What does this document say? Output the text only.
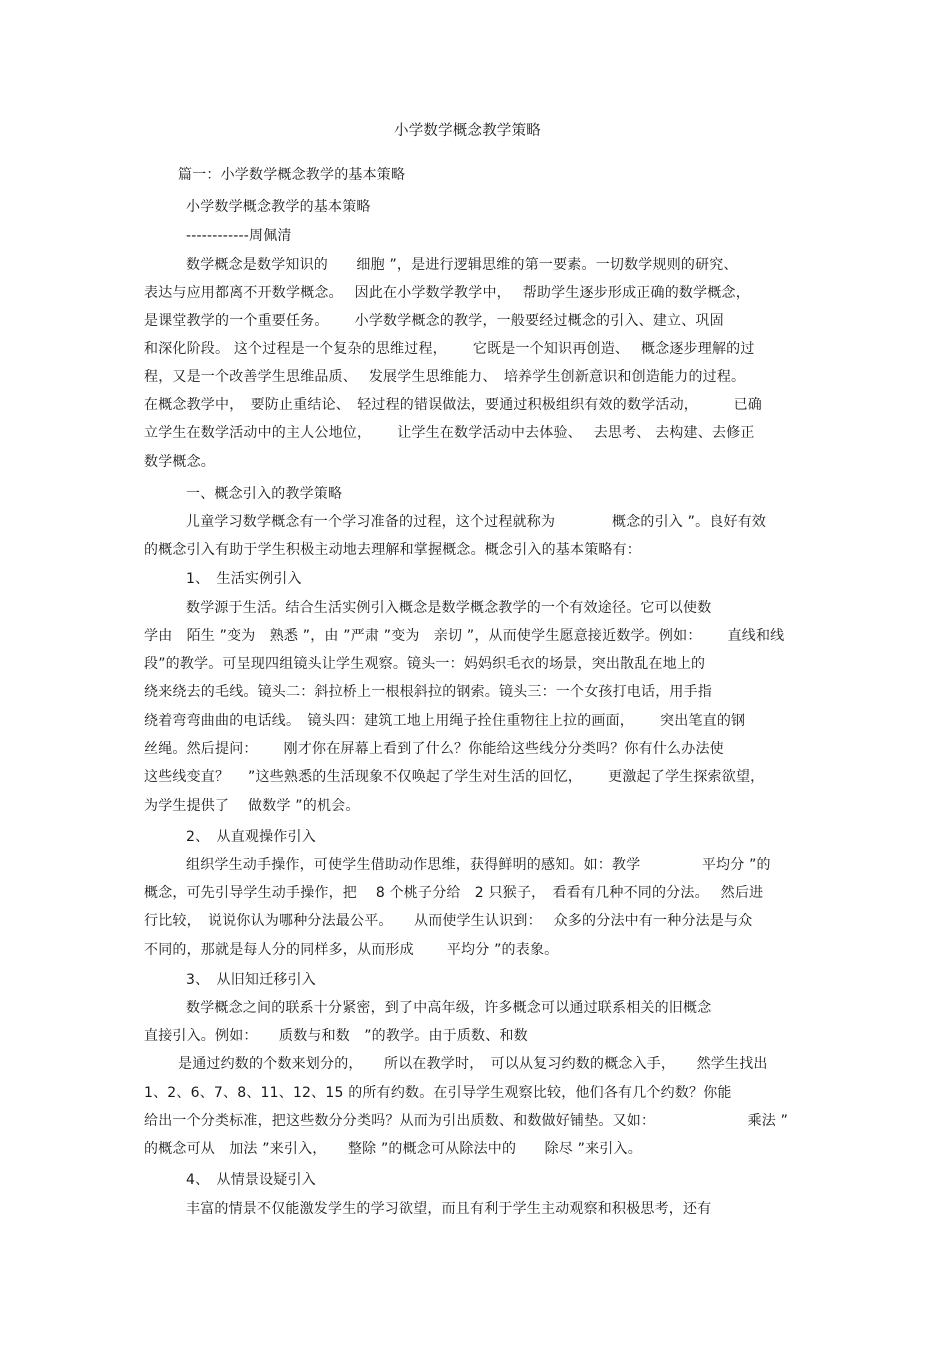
小学数学概念教学策略
篇一：小学数学概念教学的基本策略
小学数学概念教学的基本策略
------------周佩清
数学概念是数学知识的　　细胞 ”，是进行逻辑思维的第一要素。一切数学规则的研究、
表达与应用都离不开数学概念。　 因此在小学数学教学中，　 帮助学生逐步形成正确的数学概念，
是课堂教学的一个重要任务。　　 小学数学概念的教学，一般要经过概念的引入、建立、巩固
和深化阶段。 这个过程是一个复杂的思维过程，　　 它既是一个知识再创造、　 概念逐步理解的过
程，又是一个改善学生思维品质、　 发展学生思维能力、　培养学生创新意识和创造能力的过程。
在概念教学中，　要防止重结论、　轻过程的错误做法，要通过积极组织有效的数学活动，　　　已确
立学生在数学活动中的主人公地位，　　 让学生在数学活动中去体验、　 去思考、 去构建、去修正
数学概念。
一、概念引入的教学策略
儿童学习数学概念有一个学习准备的过程，这个过程就称为　　　　概念的引入 ”。良好有效
的概念引入有助于学生积极主动地去理解和掌握概念。概念引入的基本策略有：
1、　生活实例引入
数学源于生活。结合生活实例引入概念是数学概念教学的一个有效途径。它可以使数
学由　陌生 ”变为　熟悉 ”，由 ”严肃 ”变为　亲切 ”，从而使学生愿意接近数学。例如：　　 直线和线
段”的教学。可呈现四组镜头让学生观察。镜头一：妈妈织毛衣的场景，突出散乱在地上的
绕来绕去的毛线。镜头二：斜拉桥上一根根斜拉的钢索。镜头三：一个女孩打电话，用手指
绕着弯弯曲曲的电话线。　镜头四：建筑工地上用绳子拴住重物往上拉的画面，　　 突出笔直的钢
丝绳。然后提问：　　 刚才你在屏幕上看到了什么？你能给这些线分分类吗？你有什么办法使
这些线变直？　 ”这些熟悉的生活现象不仅唤起了学生对生活的回忆，　　 更激起了学生探索欲望，
为学生提供了　 做数学 ”的机会。
2、　从直观操作引入
组织学生动手操作，可使学生借助动作思维，获得鲜明的感知。如：教学　　　　 平均分 ”的
概念，可先引导学生动手操作，把　 8 个桃子分给　2 只猴子，　看看有几种不同的分法。　 然后进
行比较，　说说你认为哪种分法最公平。　　从而使学生认识到：　 众多的分法中有一种分法是与众
不同的，那就是每人分的同样多，从而形成　　 平均分 ”的表象。
3、　从旧知迁移引入
数学概念之间的联系十分紧密，到了中高年级，许多概念可以通过联系相关的旧概念
直接引入。例如：　　质数与和数　”的教学。由于质数、和数
是通过约数的个数来划分的，　　所以在教学时，　可以从复习约数的概念入手，　　然学生找出
1、2、6、7、8、11、12、15 的所有约数。在引导学生观察比较，他们各有几个约数？你能
给出一个分类标准，把这些数分分类吗？从而为引出质数、和数做好铺垫。又如：　　　　　　　乘法 ”
的概念可从　加法 ”来引入，　　整除 ”的概念可从除法中的　　除尽 ”来引入。
4、　从情景设疑引入
丰富的情景不仅能激发学生的学习欲望，而且有利于学生主动观察和积极思考，还有
